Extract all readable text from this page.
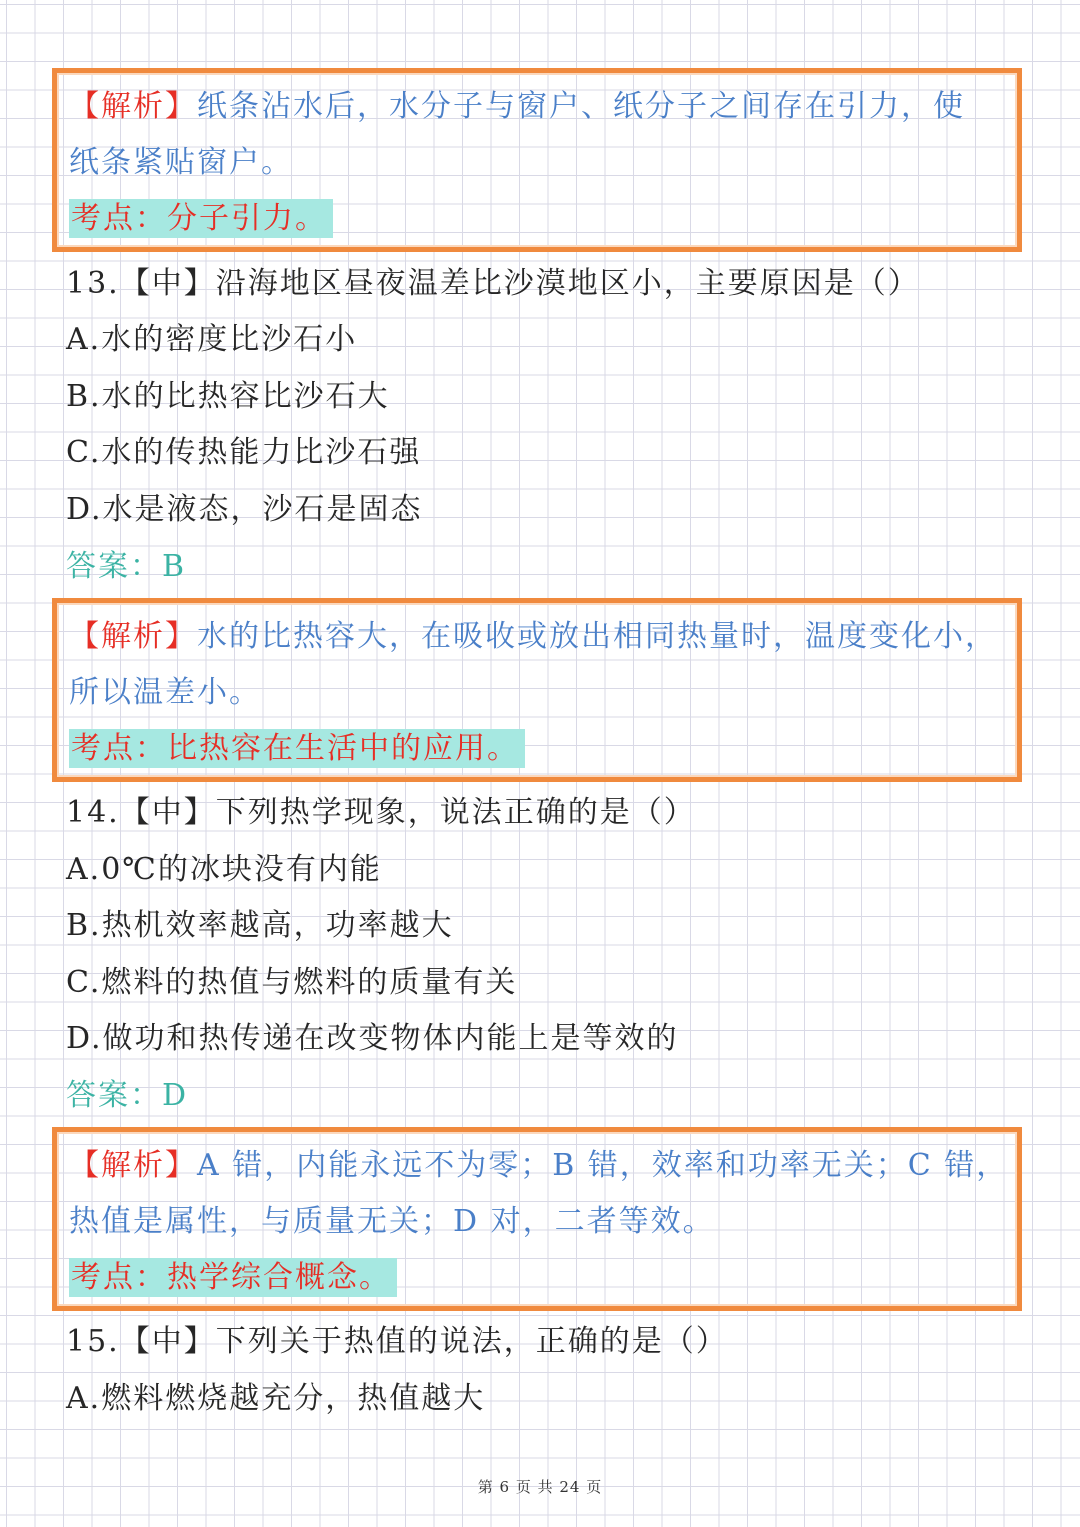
【解析】纸条沾水后，水分子与窗户、纸分子之间存在引力，使
纸条紧贴窗户。
考点：分子引力。
13.【中】沿海地区昼夜温差比沙漠地区小，主要原因是（）
A.水的密度比沙石小
B.水的比热容比沙石大
C.水的传热能力比沙石强
D.水是液态，沙石是固态
答案：B
【解析】水的比热容大，在吸收或放出相同热量时，温度变化小，
所以温差小。
考点：比热容在生活中的应用。
14.【中】下列热学现象，说法正确的是（）
A.0℃的冰块没有内能
B.热机效率越高，功率越大
C.燃料的热值与燃料的质量有关
D.做功和热传递在改变物体内能上是等效的
答案：D
【解析】A 错，内能永远不为零；B 错，效率和功率无关；C 错，
热值是属性，与质量无关；D 对，二者等效。
考点：热学综合概念。
15.【中】下列关于热值的说法，正确的是（）
A.燃料燃烧越充分，热值越大
第 6 页 共 24 页
